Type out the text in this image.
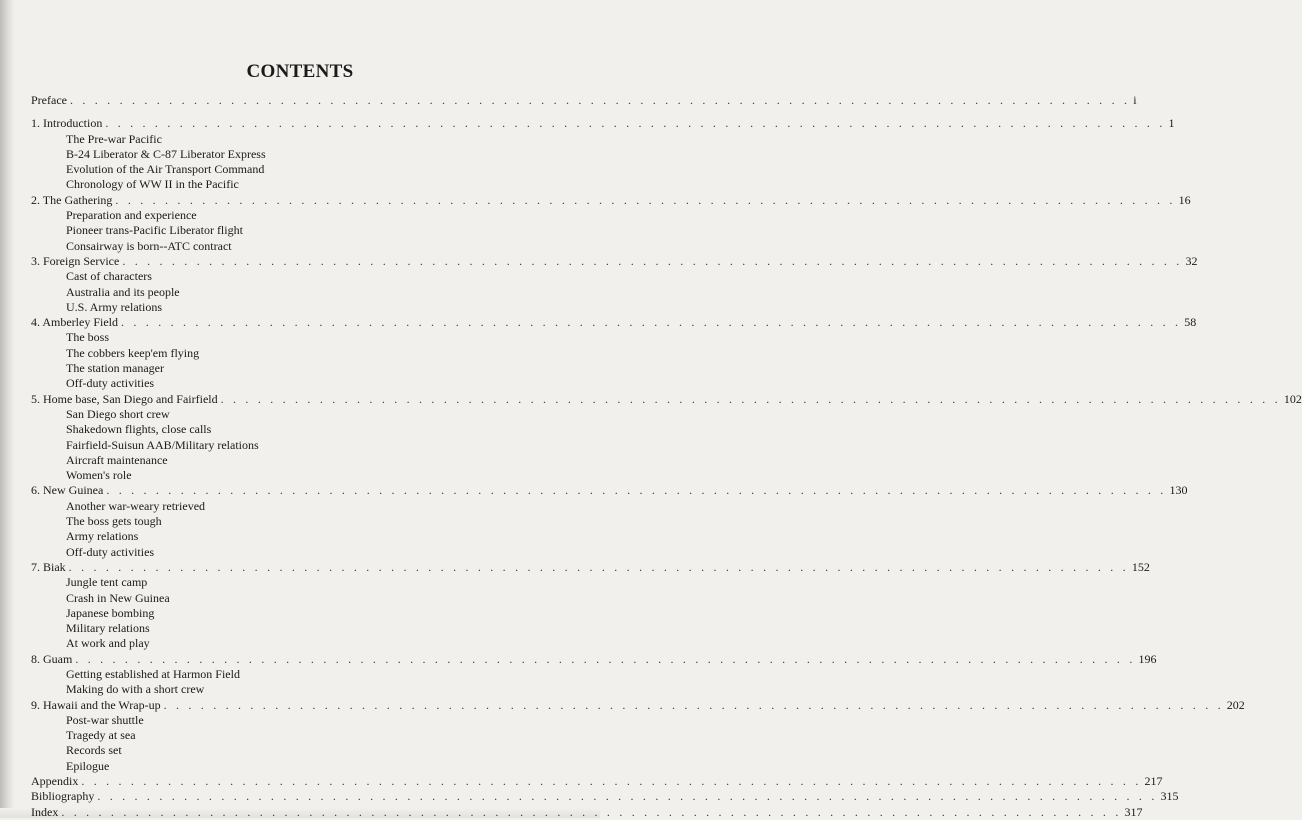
CONTENTS
Preface . . . . . . . . . . . . . . . . . . . . . . . . . . . . . . . . . . . . . . . . . . . . . . . . . . . . . . . . . . . . . . . . . . . . . . . . . . . . . . . . . . . . . . i
1. Introduction . . . . . . . . . . . . . . . . . . . . . . . . . . . . . . . . . . . . . . . . . . . . . . . . . . . . . . . . . . . . . . . . . . . . . . . . . . . . . . . . . . . . . . 1
The Pre-war Pacific
B-24 Liberator & C-87 Liberator Express
Evolution of the Air Transport Command
Chronology of WW II in the Pacific
2. The Gathering . . . . . . . . . . . . . . . . . . . . . . . . . . . . . . . . . . . . . . . . . . . . . . . . . . . . . . . . . . . . . . . . . . . . . . . . . . . . . . . . . . . . . . 16
Preparation and experience
Pioneer trans-Pacific Liberator flight
Consairway is born--ATC contract
3. Foreign Service . . . . . . . . . . . . . . . . . . . . . . . . . . . . . . . . . . . . . . . . . . . . . . . . . . . . . . . . . . . . . . . . . . . . . . . . . . . . . . . . . . . . . . 32
Cast of characters
Australia and its people
U.S. Army relations
4. Amberley Field . . . . . . . . . . . . . . . . . . . . . . . . . . . . . . . . . . . . . . . . . . . . . . . . . . . . . . . . . . . . . . . . . . . . . . . . . . . . . . . . . . . . . . 58
The boss
The cobbers keep'em flying
The station manager
Off-duty activities
5. Home base, San Diego and Fairfield . . . . . . . . . . . . . . . . . . . . . . . . . . . . . . . . . . . . . . . . . . . . . . . . . . . . . . . . . . . . . . . . . . . . . . . . . . . . . . . . . . . . . . 102
San Diego short crew
Shakedown flights, close calls
Fairfield-Suisun AAB/Military relations
Aircraft maintenance
Women's role
6. New Guinea . . . . . . . . . . . . . . . . . . . . . . . . . . . . . . . . . . . . . . . . . . . . . . . . . . . . . . . . . . . . . . . . . . . . . . . . . . . . . . . . . . . . . . 130
Another war-weary retrieved
The boss gets tough
Army relations
Off-duty activities
7. Biak . . . . . . . . . . . . . . . . . . . . . . . . . . . . . . . . . . . . . . . . . . . . . . . . . . . . . . . . . . . . . . . . . . . . . . . . . . . . . . . . . . . . . . 152
Jungle tent camp
Crash in New Guinea
Japanese bombing
Military relations
At work and play
8. Guam . . . . . . . . . . . . . . . . . . . . . . . . . . . . . . . . . . . . . . . . . . . . . . . . . . . . . . . . . . . . . . . . . . . . . . . . . . . . . . . . . . . . . . 196
Getting established at Harmon Field
Making do with a short crew
9. Hawaii and the Wrap-up . . . . . . . . . . . . . . . . . . . . . . . . . . . . . . . . . . . . . . . . . . . . . . . . . . . . . . . . . . . . . . . . . . . . . . . . . . . . . . . . . . . . . . 202
Post-war shuttle
Tragedy at sea
Records set
Epilogue
Appendix . . . . . . . . . . . . . . . . . . . . . . . . . . . . . . . . . . . . . . . . . . . . . . . . . . . . . . . . . . . . . . . . . . . . . . . . . . . . . . . . . . . . . . 217
Bibliography . . . . . . . . . . . . . . . . . . . . . . . . . . . . . . . . . . . . . . . . . . . . . . . . . . . . . . . . . . . . . . . . . . . . . . . . . . . . . . . . . . . . . . 315
Index . . . . . . . . . . . . . . . . . . . . . . . . . . . . . . . . . . . . . . . . . . . . . . . . . . . . . . . . . . . . . . . . . . . . . . . . . . . . . . . . . . . . . . 317
